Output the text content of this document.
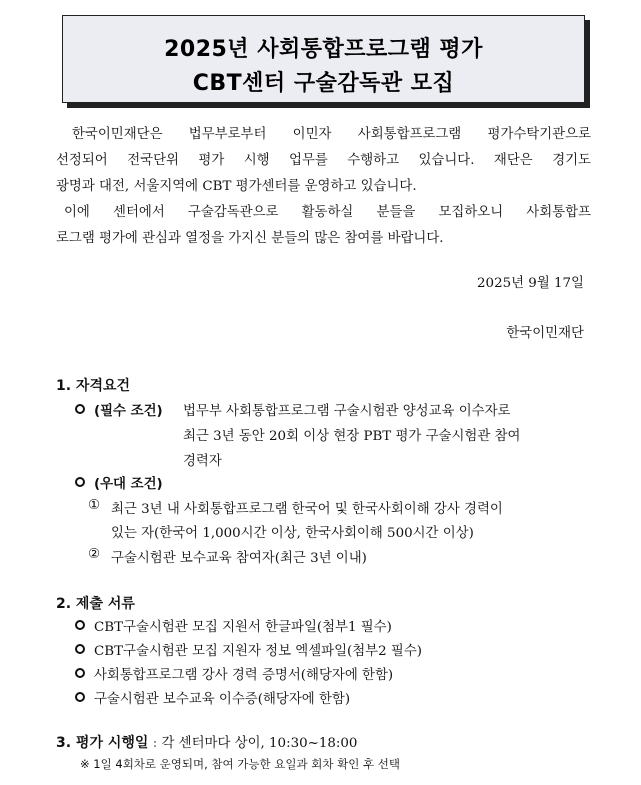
2025년 사회통합프로그램 평가
CBT센터 구술감독관 모집
한국이민재단은 법무부로부터 이민자 사회통합프로그램 평가수탁기관으로
선정되어 전국단위 평가 시행 업무를 수행하고 있습니다. 재단은 경기도
광명과 대전, 서울지역에 CBT 평가센터를 운영하고 있습니다.
이에 센터에서 구술감독관으로 활동하실 분들을 모집하오니 사회통합프
로그램 평가에 관심과 열정을 가지신 분들의 많은 참여를 바랍니다.
2025년 9월 17일
한국이민재단
1. 자격요건
(필수 조건) 법무부 사회통합프로그램 구술시험관 양성교육 이수자로
최근 3년 동안 20회 이상 현장 PBT 평가 구술시험관 참여
경력자
(우대 조건)
① 최근 3년 내 사회통합프로그램 한국어 및 한국사회이해 강사 경력이
있는 자(한국어 1,000시간 이상, 한국사회이해 500시간 이상)
② 구술시험관 보수교육 참여자(최근 3년 이내)
2. 제출 서류
CBT구술시험관 모집 지원서 한글파일(첨부1 필수)
CBT구술시험관 모집 지원자 정보 엑셀파일(첨부2 필수)
사회통합프로그램 강사 경력 증명서(해당자에 한함)
구술시험관 보수교육 이수증(해당자에 한함)
3. 평가 시행일 : 각 센터마다 상이, 10:30~18:00
※ 1일 4회차로 운영되며, 참여 가능한 요일과 회차 확인 후 선택
